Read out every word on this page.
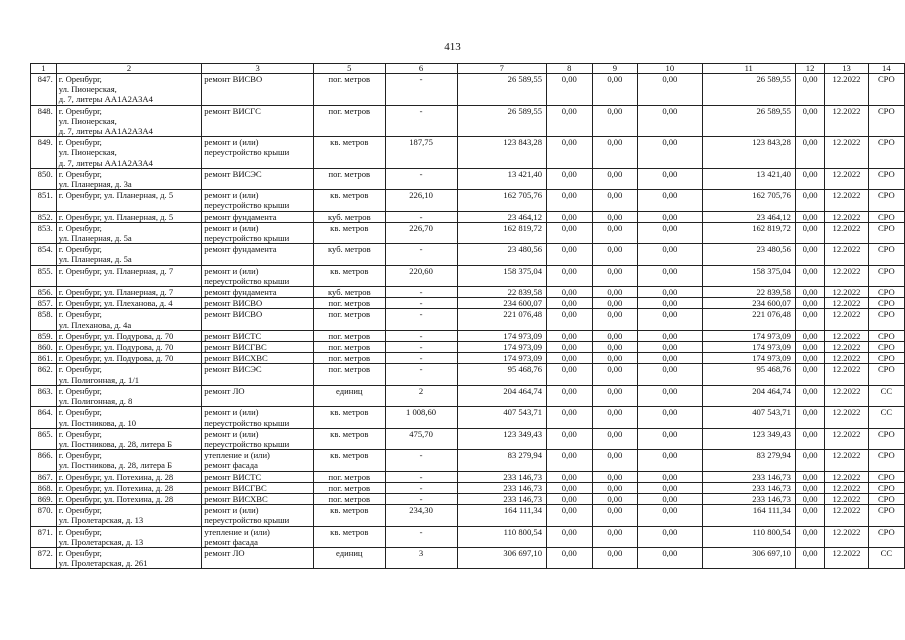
413
1	2	3	5	6	7	8	9	10	11	12	13	14
847.	г. Оренбург,
ул. Пионерская,
д. 7, литеры АА1А2А3А4	ремонт ВИСВО	пог. метров	-	26 589,55	0,00	0,00	0,00	26 589,55	0,00	12.2022	СРО
848.	г. Оренбург,
ул. Пионерская,
д. 7, литеры АА1А2А3А4	ремонт ВИСГС	пог. метров	-	26 589,55	0,00	0,00	0,00	26 589,55	0,00	12.2022	СРО
849.	г. Оренбург,
ул. Пионерская,
д. 7, литеры АА1А2А3А4	ремонт и (или)
переустройство крыши	кв. метров	187,75	123 843,28	0,00	0,00	0,00	123 843,28	0,00	12.2022	СРО
850.	г. Оренбург,
ул. Планерная, д. 3а	ремонт ВИСЭС	пог. метров	-	13 421,40	0,00	0,00	0,00	13 421,40	0,00	12.2022	СРО
851.	г. Оренбург, ул. Планерная, д. 5	ремонт и (или)
переустройство крыши	кв. метров	226,10	162 705,76	0,00	0,00	0,00	162 705,76	0,00	12.2022	СРО
852.	г. Оренбург, ул. Планерная, д. 5	ремонт фундамента	куб. метров	-	23 464,12	0,00	0,00	0,00	23 464,12	0,00	12.2022	СРО
853.	г. Оренбург,
ул. Планерная, д. 5а	ремонт и (или)
переустройство крыши	кв. метров	226,70	162 819,72	0,00	0,00	0,00	162 819,72	0,00	12.2022	СРО
854.	г. Оренбург,
ул. Планерная, д. 5а	ремонт фундамента	куб. метров	-	23 480,56	0,00	0,00	0,00	23 480,56	0,00	12.2022	СРО
855.	г. Оренбург, ул. Планерная, д. 7	ремонт и (или)
переустройство крыши	кв. метров	220,60	158 375,04	0,00	0,00	0,00	158 375,04	0,00	12.2022	СРО
856.	г. Оренбург, ул. Планерная, д. 7	ремонт фундамента	куб. метров	-	22 839,58	0,00	0,00	0,00	22 839,58	0,00	12.2022	СРО
857.	г. Оренбург, ул. Плеханова, д. 4	ремонт ВИСВО	пог. метров	-	234 600,07	0,00	0,00	0,00	234 600,07	0,00	12.2022	СРО
858.	г. Оренбург,
ул. Плеханова, д. 4а	ремонт ВИСВО	пог. метров	-	221 076,48	0,00	0,00	0,00	221 076,48	0,00	12.2022	СРО
859.	г. Оренбург, ул. Подурова, д. 70	ремонт ВИСТС	пог. метров	-	174 973,09	0,00	0,00	0,00	174 973,09	0,00	12.2022	СРО
860.	г. Оренбург, ул. Подурова, д. 70	ремонт ВИСГВС	пог. метров	-	174 973,09	0,00	0,00	0,00	174 973,09	0,00	12.2022	СРО
861.	г. Оренбург, ул. Подурова, д. 70	ремонт ВИСХВС	пог. метров	-	174 973,09	0,00	0,00	0,00	174 973,09	0,00	12.2022	СРО
862.	г. Оренбург,
ул. Полигонная, д. 1/1	ремонт ВИСЭС	пог. метров	-	95 468,76	0,00	0,00	0,00	95 468,76	0,00	12.2022	СРО
863.	г. Оренбург,
ул. Полигонная, д. 8	ремонт ЛО	единиц	2	204 464,74	0,00	0,00	0,00	204 464,74	0,00	12.2022	СС
864.	г. Оренбург,
ул. Постникова, д. 10	ремонт и (или)
переустройство крыши	кв. метров	1 008,60	407 543,71	0,00	0,00	0,00	407 543,71	0,00	12.2022	СС
865.	г. Оренбург,
ул. Постникова, д. 28, литера Б	ремонт и (или)
переустройство крыши	кв. метров	475,70	123 349,43	0,00	0,00	0,00	123 349,43	0,00	12.2022	СРО
866.	г. Оренбург,
ул. Постникова, д. 28, литера Б	утепление и (или)
ремонт фасада	кв. метров	-	83 279,94	0,00	0,00	0,00	83 279,94	0,00	12.2022	СРО
867.	г. Оренбург, ул. Потехина, д. 28	ремонт ВИСТС	пог. метров	-	233 146,73	0,00	0,00	0,00	233 146,73	0,00	12.2022	СРО
868.	г. Оренбург, ул. Потехина, д. 28	ремонт ВИСГВС	пог. метров	-	233 146,73	0,00	0,00	0,00	233 146,73	0,00	12.2022	СРО
869.	г. Оренбург, ул. Потехина, д. 28	ремонт ВИСХВС	пог. метров	-	233 146,73	0,00	0,00	0,00	233 146,73	0,00	12.2022	СРО
870.	г. Оренбург,
ул. Пролетарская, д. 13	ремонт и (или)
переустройство крыши	кв. метров	234,30	164 111,34	0,00	0,00	0,00	164 111,34	0,00	12.2022	СРО
871.	г. Оренбург,
ул. Пролетарская, д. 13	утепление и (или)
ремонт фасада	кв. метров	-	110 800,54	0,00	0,00	0,00	110 800,54	0,00	12.2022	СРО
872.	г. Оренбург,
ул. Пролетарская, д. 261	ремонт ЛО	единиц	3	306 697,10	0,00	0,00	0,00	306 697,10	0,00	12.2022	СС
